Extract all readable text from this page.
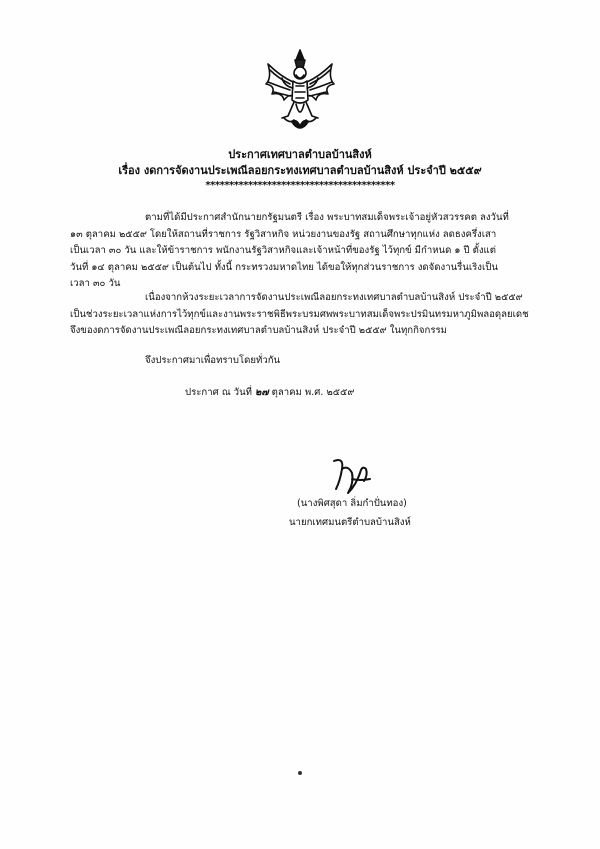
ประกาศเทศบาลตำบลบ้านสิงห์
เรื่อง งดการจัดงานประเพณีลอยกระทงเทศบาลตำบลบ้านสิงห์ ประจำปี ๒๕๕๙
****************************************
ตามที่ได้มีประกาศสำนักนายกรัฐมนตรี เรื่อง พระบาทสมเด็จพระเจ้าอยู่หัวสวรรคต ลงวันที่
๑๓ ตุลาคม ๒๕๕๙ โดยให้สถานที่ราชการ รัฐวิสาหกิจ หน่วยงานของรัฐ สถานศึกษาทุกแห่ง ลดธงครึ่งเสา
เป็นเวลา ๓๐ วัน และให้ข้าราชการ พนักงานรัฐวิสาหกิจและเจ้าหน้าที่ของรัฐ ไว้ทุกข์ มีกำหนด ๑ ปี ตั้งแต่
วันที่ ๑๔ ตุลาคม ๒๕๕๙ เป็นต้นไป ทั้งนี้ กระทรวงมหาดไทย ได้ขอให้ทุกส่วนราชการ งดจัดงานรื่นเริงเป็น
เวลา ๓๐ วัน
เนื่องจากห้วงระยะเวลาการจัดงานประเพณีลอยกระทงเทศบาลตำบลบ้านสิงห์ ประจำปี ๒๕๕๙
เป็นช่วงระยะเวลาแห่งการไว้ทุกข์และงานพระราชพิธีพระบรมศพพระบาทสมเด็จพระปรมินทรมหาภูมิพลอดุลยเดช
จึงของดการจัดงานประเพณีลอยกระทงเทศบาลตำบลบ้านสิงห์ ประจำปี ๒๕๕๙ ในทุกกิจกรรม
จึงประกาศมาเพื่อทราบโดยทั่วกัน
ประกาศ ณ วันที่ ๒๗ ตุลาคม พ.ศ. ๒๕๕๙
(นางพิศสุดา ลิ่มกำปั่นทอง)
นายกเทศมนตรีตำบลบ้านสิงห์
